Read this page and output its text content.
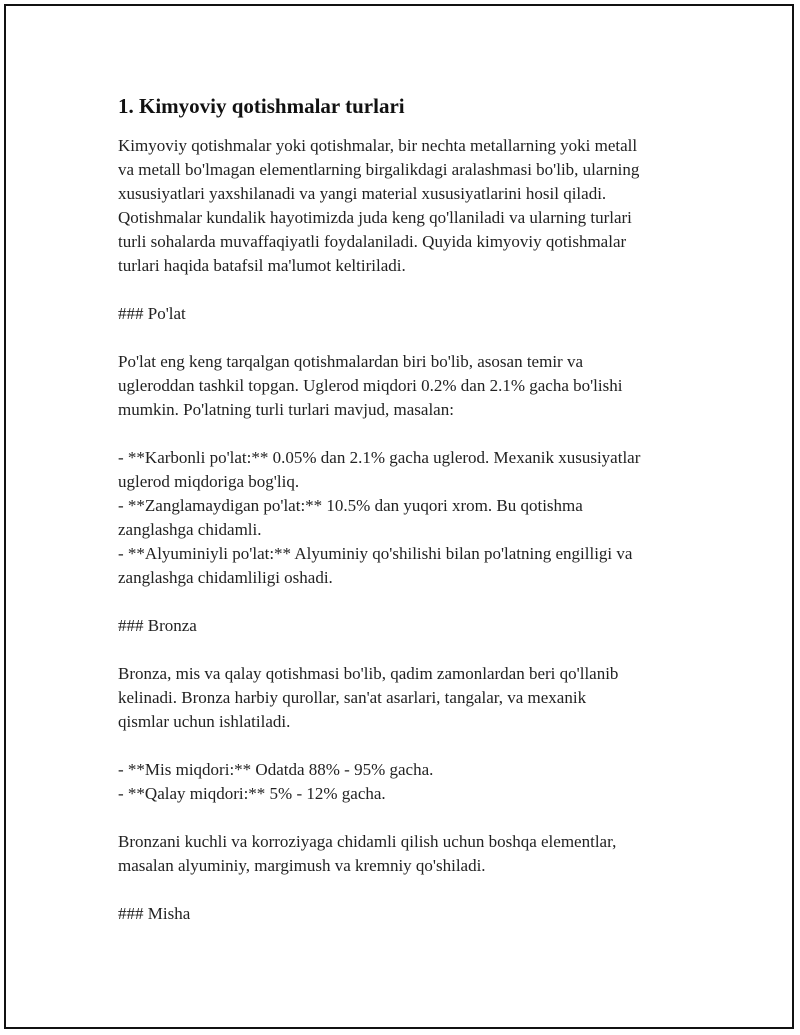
1. Kimyoviy qotishmalar turlari

Kimyoviy qotishmalar yoki qotishmalar, bir nechta metallarning yoki metall
va metall bo'lmagan elementlarning birgalikdagi aralashmasi bo'lib, ularning
xususiyatlari yaxshilanadi va yangi material xususiyatlarini hosil qiladi.
Qotishmalar kundalik hayotimizda juda keng qo'llaniladi va ularning turlari
turli sohalarda muvaffaqiyatli foydalaniladi. Quyida kimyoviy qotishmalar
turlari haqida batafsil ma'lumot keltiriladi.

### Po'lat

Po'lat eng keng tarqalgan qotishmalardan biri bo'lib, asosan temir va
ugleroddan tashkil topgan. Uglerod miqdori 0.2% dan 2.1% gacha bo'lishi
mumkin. Po'latning turli turlari mavjud, masalan:

- **Karbonli po'lat:** 0.05% dan 2.1% gacha uglerod. Mexanik xususiyatlar
uglerod miqdoriga bog'liq.
- **Zanglamaydigan po'lat:** 10.5% dan yuqori xrom. Bu qotishma
zanglashga chidamli.
- **Alyuminiyli po'lat:** Alyuminiy qo'shilishi bilan po'latning engilligi va
zanglashga chidamliligi oshadi.

### Bronza

Bronza, mis va qalay qotishmasi bo'lib, qadim zamonlardan beri qo'llanib
kelinadi. Bronza harbiy qurollar, san'at asarlari, tangalar, va mexanik
qismlar uchun ishlatiladi.

- **Mis miqdori:** Odatda 88% - 95% gacha.
- **Qalay miqdori:** 5% - 12% gacha.

Bronzani kuchli va korroziyaga chidamli qilish uchun boshqa elementlar,
masalan alyuminiy, margimush va kremniy qo'shiladi.

### Misha
